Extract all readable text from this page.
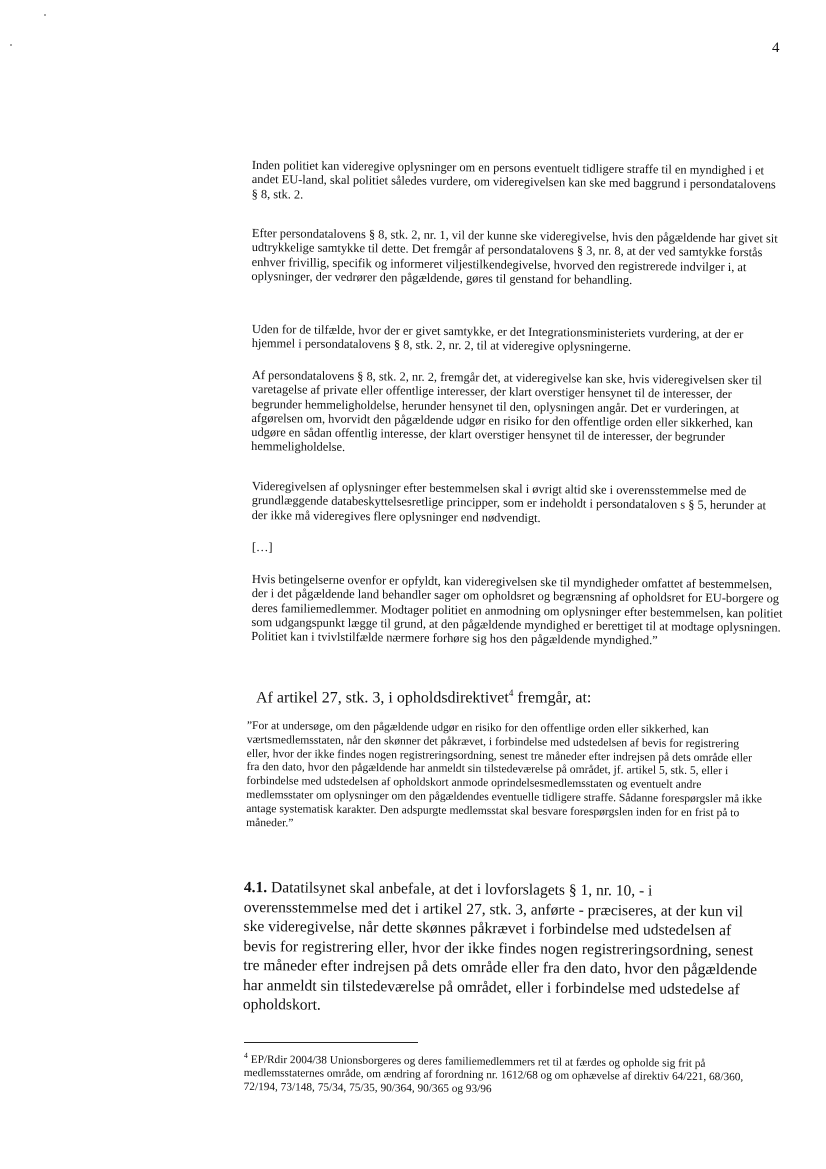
4

Inden politiet kan videregive oplysninger om en persons eventuelt tidligere straffe til en myndighed i et andet EU-land, skal politiet således vurdere, om videregivelsen kan ske med baggrund i persondatalovens § 8, stk. 2.

Efter persondatalovens § 8, stk. 2, nr. 1, vil der kunne ske videregivelse, hvis den pågældende har givet sit udtrykkelige samtykke til dette. Det fremgår af persondatalovens § 3, nr. 8, at der ved samtykke forstås enhver frivillig, specifik og informeret viljestilkendegivelse, hvorved den registrerede indvilger i, at oplysninger, der vedrører den pågældende, gøres til genstand for behandling.

Uden for de tilfælde, hvor der er givet samtykke, er det Integrationsministeriets vurdering, at der er hjemmel i persondatalovens § 8, stk. 2, nr. 2, til at videregive oplysningerne.

Af persondatalovens § 8, stk. 2, nr. 2, fremgår det, at videregivelse kan ske, hvis videregivelsen sker til varetagelse af private eller offentlige interesser, der klart overstiger hensynet til de interesser, der begrunder hemmeligholdelse, herunder hensynet til den, oplysningen angår. Det er vurderingen, at afgørelsen om, hvorvidt den pågældende udgør en risiko for den offentlige orden eller sikkerhed, kan udgøre en sådan offentlig interesse, der klart overstiger hensynet til de interesser, der begrunder hemmeligholdelse.

Videregivelsen af oplysninger efter bestemmelsen skal i øvrigt altid ske i overensstemmelse med de grundlæggende databeskyttelsesretlige principper, som er indeholdt i persondataloven s § 5, herunder at der ikke må videregives flere oplysninger end nødvendigt.

[…]

Hvis betingelserne ovenfor er opfyldt, kan videregivelsen ske til myndigheder omfattet af bestemmelsen, der i det pågældende land behandler sager om opholdsret og begrænsning af opholdsret for EU-borgere og deres familiemedlemmer. Modtager politiet en anmodning om oplysninger efter bestemmelsen, kan politiet som udgangspunkt lægge til grund, at den pågældende myndighed er berettiget til at modtage oplysningen. Politiet kan i tvivlstilfælde nærmere forhøre sig hos den pågældende myndighed.”

Af artikel 27, stk. 3, i opholdsdirektivet$^4$ fremgår, at:

”For at undersøge, om den pågældende udgør en risiko for den offentlige orden eller sikkerhed, kan værtsmedlemsstaten, når den skønner det påkrævet, i forbindelse med udstedelsen af bevis for registrering eller, hvor der ikke findes nogen registreringsordning, senest tre måneder efter indrejsen på dets område eller fra den dato, hvor den pågældende har anmeldt sin tilstedeværelse på området, jf. artikel 5, stk. 5, eller i forbindelse med udstedelsen af opholdskort anmode oprindelsesmedlemsstaten og eventuelt andre medlemsstater om oplysninger om den pågældendes eventuelle tidligere straffe. Sådanne forespørgsler må ikke antage systematisk karakter. Den adspurgte medlemsstat skal besvare forespørgslen inden for en frist på to måneder.”

4.1. Datatilsynet skal anbefale, at det i lovforslagets § 1, nr. 10, - i overensstemmelse med det i artikel 27, stk. 3, anførte - præciseres, at der kun vil ske videregivelse, når dette skønnes påkrævet i forbindelse med udstedelsen af bevis for registrering eller, hvor der ikke findes nogen registreringsordning, senest tre måneder efter indrejsen på dets område eller fra den dato, hvor den pågældende har anmeldt sin tilstedeværelse på området, eller i forbindelse med udstedelse af opholdskort.

$^4$ EP/Rdir 2004/38 Unionsborgeres og deres familiemedlemmers ret til at færdes og opholde sig frit på medlemsstaternes område, om ændring af forordning nr. 1612/68 og om ophævelse af direktiv 64/221, 68/360, 72/194, 73/148, 75/34, 75/35, 90/364, 90/365 og 93/96
